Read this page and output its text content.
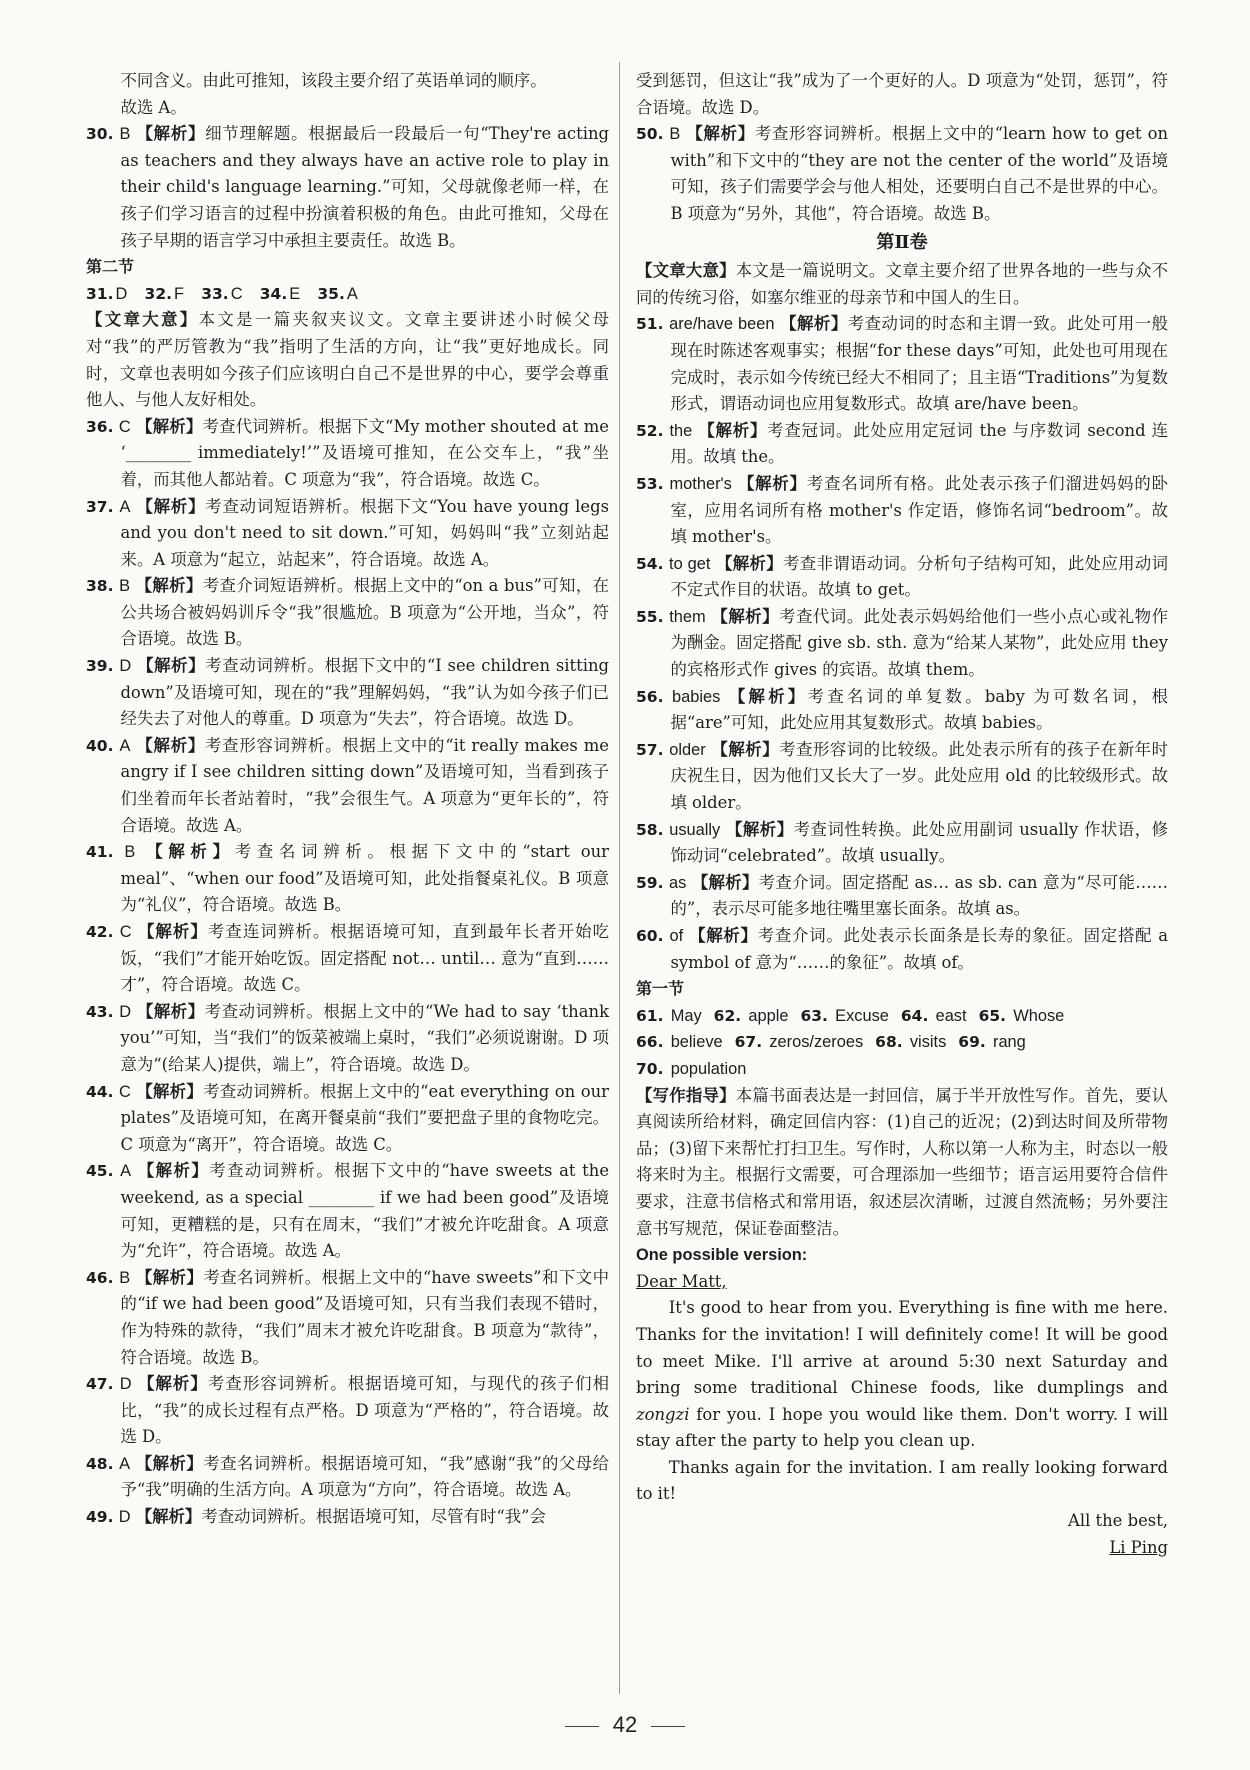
不同含义。由此可推知，该段主要介绍了英语单词的顺序。

故选 A。

30. B 【解析】细节理解题。根据最后一段最后一句“They're acting as teachers and they always have an active role to play in their child's language learning.”可知，父母就像老师一样，在孩子们学习语言的过程中扮演着积极的角色。由此可推知，父母在孩子早期的语言学习中承担主要责任。故选 B。

第二节

31. D 32. F 33. C 34. E 35. A

【文章大意】本文是一篇夹叙夹议文。文章主要讲述小时候父母对“我”的严厉管教为“我”指明了生活的方向，让“我”更好地成长。同时，文章也表明如今孩子们应该明白自己不是世界的中心，要学会尊重他人、与他人友好相处。

36. C 【解析】考查代词辨析。根据下文“My mother shouted at me ‘________ immediately!’”及语境可推知，在公交车上，“我”坐着，而其他人都站着。C 项意为“我”，符合语境。故选 C。

37. A 【解析】考查动词短语辨析。根据下文“You have young legs and you don't need to sit down.”可知，妈妈叫“我”立刻站起来。A 项意为“起立，站起来”，符合语境。故选 A。

38. B 【解析】考查介词短语辨析。根据上文中的“on a bus”可知，在公共场合被妈妈训斥令“我”很尴尬。B 项意为“公开地，当众”，符合语境。故选 B。

39. D 【解析】考查动词辨析。根据下文中的“I see children sitting down”及语境可知，现在的“我”理解妈妈，“我”认为如今孩子们已经失去了对他人的尊重。D 项意为“失去”，符合语境。故选 D。

40. A 【解析】考查形容词辨析。根据上文中的“it really makes me angry if I see children sitting down”及语境可知，当看到孩子们坐着而年长者站着时，“我”会很生气。A 项意为“更年长的”，符合语境。故选 A。

41. B 【解析】考查名词辨析。根据下文中的“start our meal”、“when our food”及语境可知，此处指餐桌礼仪。B 项意为“礼仪”，符合语境。故选 B。

42. C 【解析】考查连词辨析。根据语境可知，直到最年长者开始吃饭，“我们”才能开始吃饭。固定搭配 not… until… 意为“直到……才”，符合语境。故选 C。

43. D 【解析】考查动词辨析。根据上文中的“We had to say ‘thank you’”可知，当“我们”的饭菜被端上桌时，“我们”必须说谢谢。D 项意为“(给某人)提供，端上”，符合语境。故选 D。

44. C 【解析】考查动词辨析。根据上文中的“eat everything on our plates”及语境可知，在离开餐桌前“我们”要把盘子里的食物吃完。C 项意为“离开”，符合语境。故选 C。

45. A 【解析】考查动词辨析。根据下文中的“have sweets at the weekend, as a special ________ if we had been good”及语境可知，更糟糕的是，只有在周末，“我们”才被允许吃甜食。A 项意为“允许”，符合语境。故选 A。

46. B 【解析】考查名词辨析。根据上文中的“have sweets”和下文中的“if we had been good”及语境可知，只有当我们表现不错时，作为特殊的款待，“我们”周末才被允许吃甜食。B 项意为“款待”，符合语境。故选 B。

47. D 【解析】考查形容词辨析。根据语境可知，与现代的孩子们相比，“我”的成长过程有点严格。D 项意为“严格的”，符合语境。故选 D。

48. A 【解析】考查名词辨析。根据语境可知，“我”感谢“我”的父母给予“我”明确的生活方向。A 项意为“方向”，符合语境。故选 A。

49. D 【解析】考查动词辨析。根据语境可知，尽管有时“我”会

受到惩罚，但这让“我”成为了一个更好的人。D 项意为“处罚，惩罚”，符合语境。故选 D。

50. B 【解析】考查形容词辨析。根据上文中的“learn how to get on with”和下文中的“they are not the center of the world”及语境可知，孩子们需要学会与他人相处，还要明白自己不是世界的中心。B 项意为“另外，其他”，符合语境。故选 B。

第Ⅱ卷

【文章大意】本文是一篇说明文。文章主要介绍了世界各地的一些与众不同的传统习俗，如塞尔维亚的母亲节和中国人的生日。

51. are/have been 【解析】考查动词的时态和主谓一致。此处可用一般现在时陈述客观事实；根据“for these days”可知，此处也可用现在完成时，表示如今传统已经大不相同了；且主语“Traditions”为复数形式，谓语动词也应用复数形式。故填 are/have been。

52. the 【解析】考查冠词。此处应用定冠词 the 与序数词 second 连用。故填 the。

53. mother's 【解析】考查名词所有格。此处表示孩子们溜进妈妈的卧室，应用名词所有格 mother's 作定语，修饰名词“bedroom”。故填 mother's。

54. to get 【解析】考查非谓语动词。分析句子结构可知，此处应用动词不定式作目的状语。故填 to get。

55. them 【解析】考查代词。此处表示妈妈给他们一些小点心或礼物作为酬金。固定搭配 give sb. sth. 意为“给某人某物”，此处应用 they 的宾格形式作 gives 的宾语。故填 them。

56. babies 【解析】考查名词的单复数。baby 为可数名词，根据“are”可知，此处应用其复数形式。故填 babies。

57. older 【解析】考查形容词的比较级。此处表示所有的孩子在新年时庆祝生日，因为他们又长大了一岁。此处应用 old 的比较级形式。故填 older。

58. usually 【解析】考查词性转换。此处应用副词 usually 作状语，修饰动词“celebrated”。故填 usually。

59. as 【解析】考查介词。固定搭配 as… as sb. can 意为“尽可能……的”，表示尽可能多地往嘴里塞长面条。故填 as。

60. of 【解析】考查介词。此处表示长面条是长寿的象征。固定搭配 a symbol of 意为“……的象征”。故填 of。

第一节

61. May 62. apple 63. Excuse 64. east 65. Whose

66. believe 67. zeros/zeroes 68. visits 69. rang

70. population

【写作指导】本篇书面表达是一封回信，属于半开放性写作。首先，要认真阅读所给材料，确定回信内容：(1)自己的近况；(2)到达时间及所带物品；(3)留下来帮忙打扫卫生。写作时，人称以第一人称为主，时态以一般将来时为主。根据行文需要，可合理添加一些细节；语言运用要符合信件要求，注意书信格式和常用语，叙述层次清晰，过渡自然流畅；另外要注意书写规范，保证卷面整洁。

One possible version:

Dear Matt,

It's good to hear from you. Everything is fine with me here. Thanks for the invitation! I will definitely come! It will be good to meet Mike. I'll arrive at around 5:30 next Saturday and bring some traditional Chinese foods, like dumplings and zongzi for you. I hope you would like them. Don't worry. I will stay after the party to help you clean up.

Thanks again for the invitation. I am really looking forward to it!

All the best,

Li Ping

42
